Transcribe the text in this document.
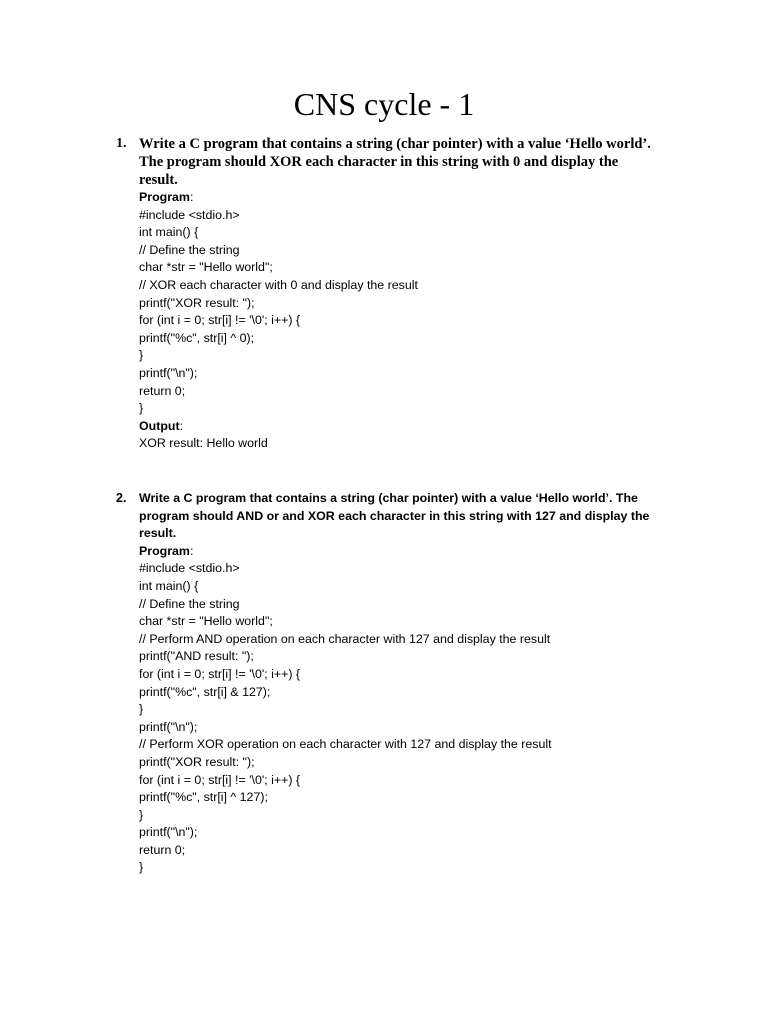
CNS cycle - 1
1. Write a C program that contains a string (char pointer) with a value ‘Hello world’. The program should XOR each character in this string with 0 and display the result.

Program:

#include <stdio.h>
int main() {
// Define the string
char *str = "Hello world";
// XOR each character with 0 and display the result
printf("XOR result: ");
for (int i = 0; str[i] != '\0'; i++) {
printf("%c", str[i] ^ 0);
}
printf("\n");
return 0;
}

Output:

XOR result: Hello world

2. Write a C program that contains a string (char pointer) with a value ‘Hello world’. The program should AND or and XOR each character in this string with 127 and display the result.

Program:

#include <stdio.h>
int main() {
// Define the string
char *str = "Hello world";
// Perform AND operation on each character with 127 and display the result
printf("AND result: ");
for (int i = 0; str[i] != '\0'; i++) {
printf("%c", str[i] & 127);
}
printf("\n");
// Perform XOR operation on each character with 127 and display the result
printf("XOR result: ");
for (int i = 0; str[i] != '\0'; i++) {
printf("%c", str[i] ^ 127);
}
printf("\n");
return 0;
}
